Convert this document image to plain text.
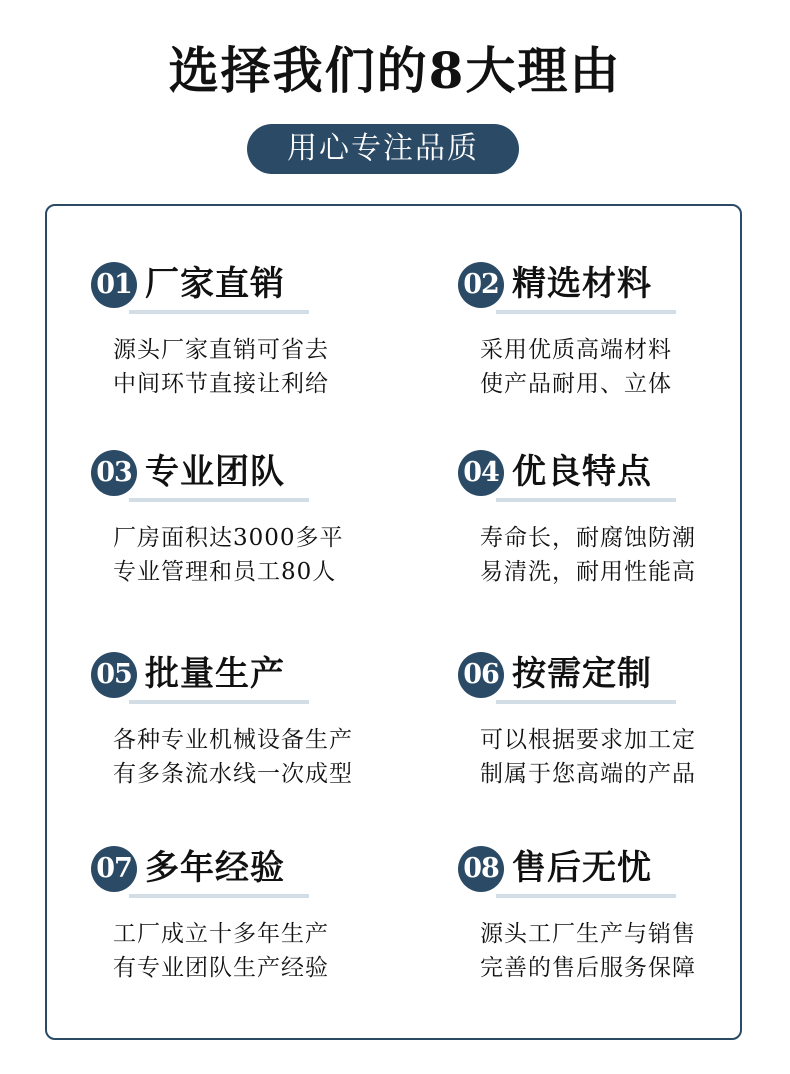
选择我们的8大理由
用心专注品质
01 厂家直销
源头厂家直销可省去
中间环节直接让利给
02 精选材料
采用优质高端材料
使产品耐用、立体
03 专业团队
厂房面积达3000多平
专业管理和员工80人
04 优良特点
寿命长，耐腐蚀防潮
易清洗，耐用性能高
05 批量生产
各种专业机械设备生产
有多条流水线一次成型
06 按需定制
可以根据要求加工定
制属于您高端的产品
07 多年经验
工厂成立十多年生产
有专业团队生产经验
08 售后无忧
源头工厂生产与销售
完善的售后服务保障
